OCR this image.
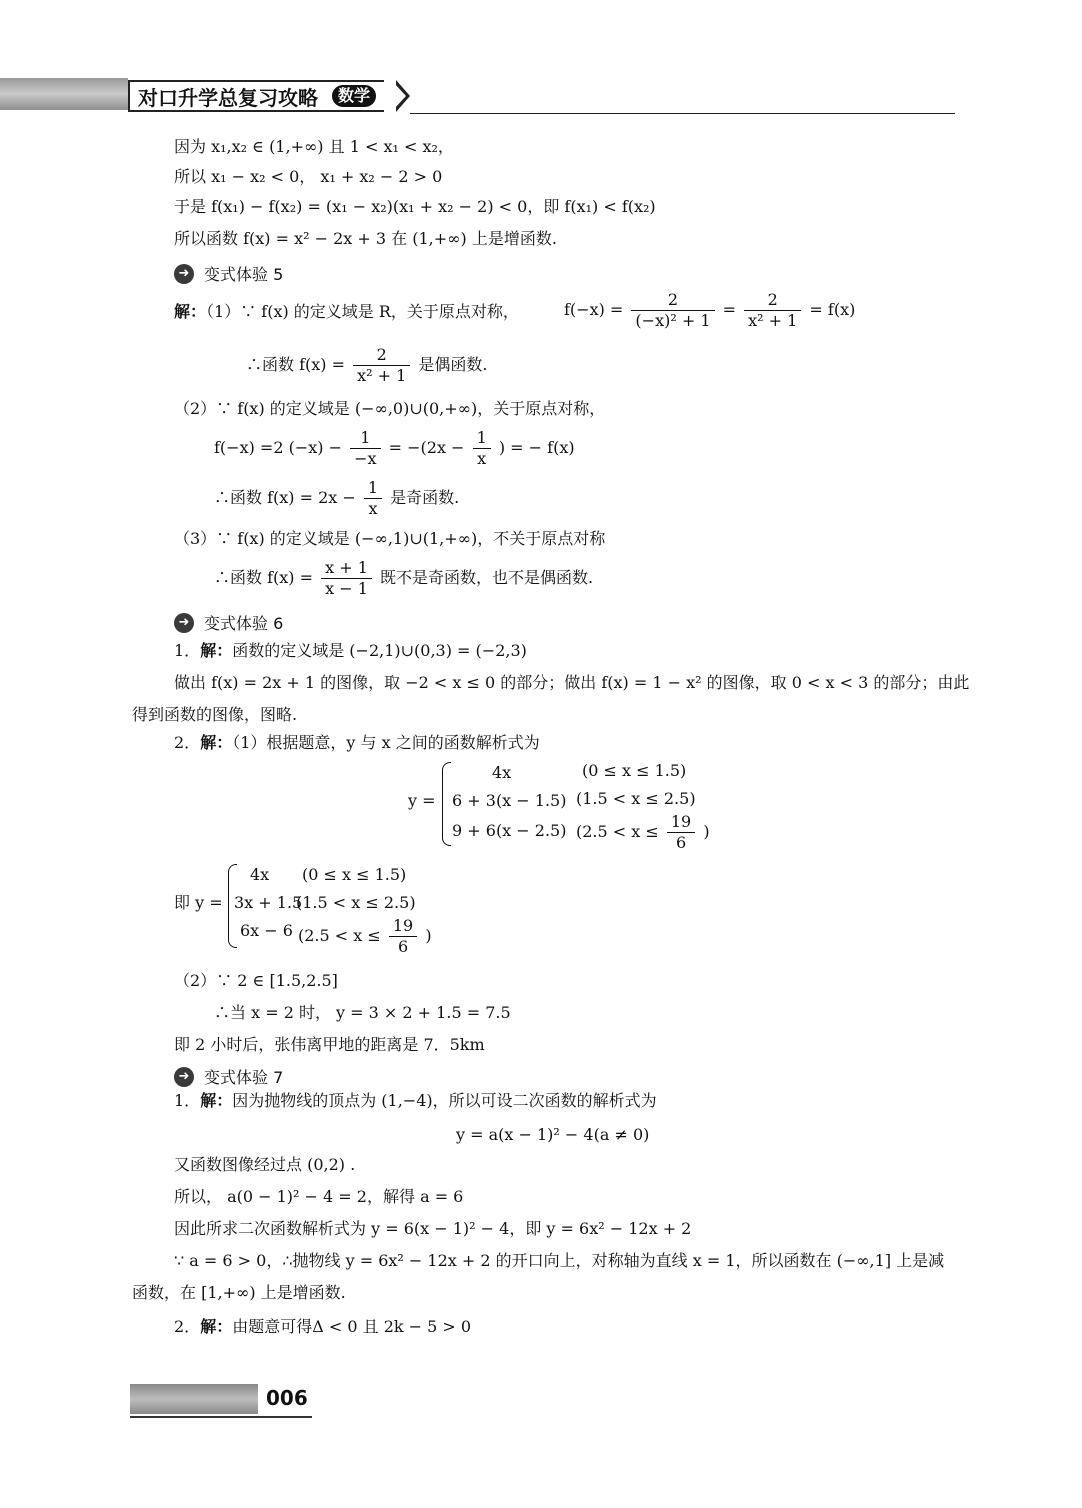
对口升学总复习攻略	数学
因为 x₁,x₂ ∈ (1,+∞) 且 1 < x₁ < x₂，
所以 x₁ − x₂ < 0， x₁ + x₂ − 2 > 0
于是 f(x₁) − f(x₂) = (x₁ − x₂)(x₁ + x₂ − 2) < 0，即 f(x₁) < f(x₂)
所以函数 f(x) = x² − 2x + 3 在 (1,+∞) 上是增函数.
➜ 变式体验 5
解：（1）∵ f(x) 的定义域是 R，关于原点对称，	$f(-x) = \frac{2}{\text{(−x)² + 1}} = \frac{2}{\text{x² + 1}} = f(x)$
∴函数 $f(x) = \frac{2}{\text{x² + 1}}$ 是偶函数.
（2）∵ f(x) 的定义域是 (−∞,0)∪(0,+∞)，关于原点对称，
f(−x) =2 $(-x) - \frac{1}{-x} = -(2x - \frac{1}{x}$ ) = − f(x)
∴函数 $f(x) = 2x - \frac{1}{x}$ 是奇函数.
（3）∵ f(x) 的定义域是 (−∞,1)∪(1,+∞)，不关于原点对称
∴函数 $f(x) = \frac{x + 1}{x - 1}$ 既不是奇函数，也不是偶函数.
➜ 变式体验 6
1．解：函数的定义域是 (−2,1)∪(0,3) = (−2,3)
做出 f(x) = 2x + 1 的图像，取 −2 < x ≤ 0 的部分；做出 f(x) = 1 − x² 的图像，取 0 < x < 3 的部分；由此
得到函数的图像，图略.
2．解：（1）根据题意，y 与 x 之间的函数解析式为
y =
4x	(0 ≤ x ≤ 1.5)
6 + 3(x − 1.5) (1.5 < x ≤ 2.5)
9 + 6(x − 2.5) ($2.5 < x \le \frac{19}{6}$ )
即 y =
4x (0 ≤ x ≤ 1.5)
3x + 1.5
(1.5 < x ≤ 2.5)
6x − 6 ($2.5 < x \le \frac{19}{6}$ )
（2）∵ 2 ∈ [1.5,2.5]
∴当 x = 2 时， y = 3 × 2 + 1.5 = 7.5
即 2 小时后，张伟离甲地的距离是 7．5km
➜ 变式体验 7
1．解：因为抛物线的顶点为 (1,−4)，所以可设二次函数的解析式为
y = a(x − 1)² − 4(a ≠ 0)
又函数图像经过点 (0,2) .
所以， a(0 − 1)² − 4 = 2，解得 a = 6
因此所求二次函数解析式为 y = 6(x − 1)² − 4，即 y = 6x² − 12x + 2
∵ a = 6 > 0，∴抛物线 y = 6x² − 12x + 2 的开口向上，对称轴为直线 x = 1，所以函数在 (−∞,1] 上是减
函数，在 [1,+∞) 上是增函数.
2．解：由题意可得Δ < 0 且 2k − 5 > 0
006
